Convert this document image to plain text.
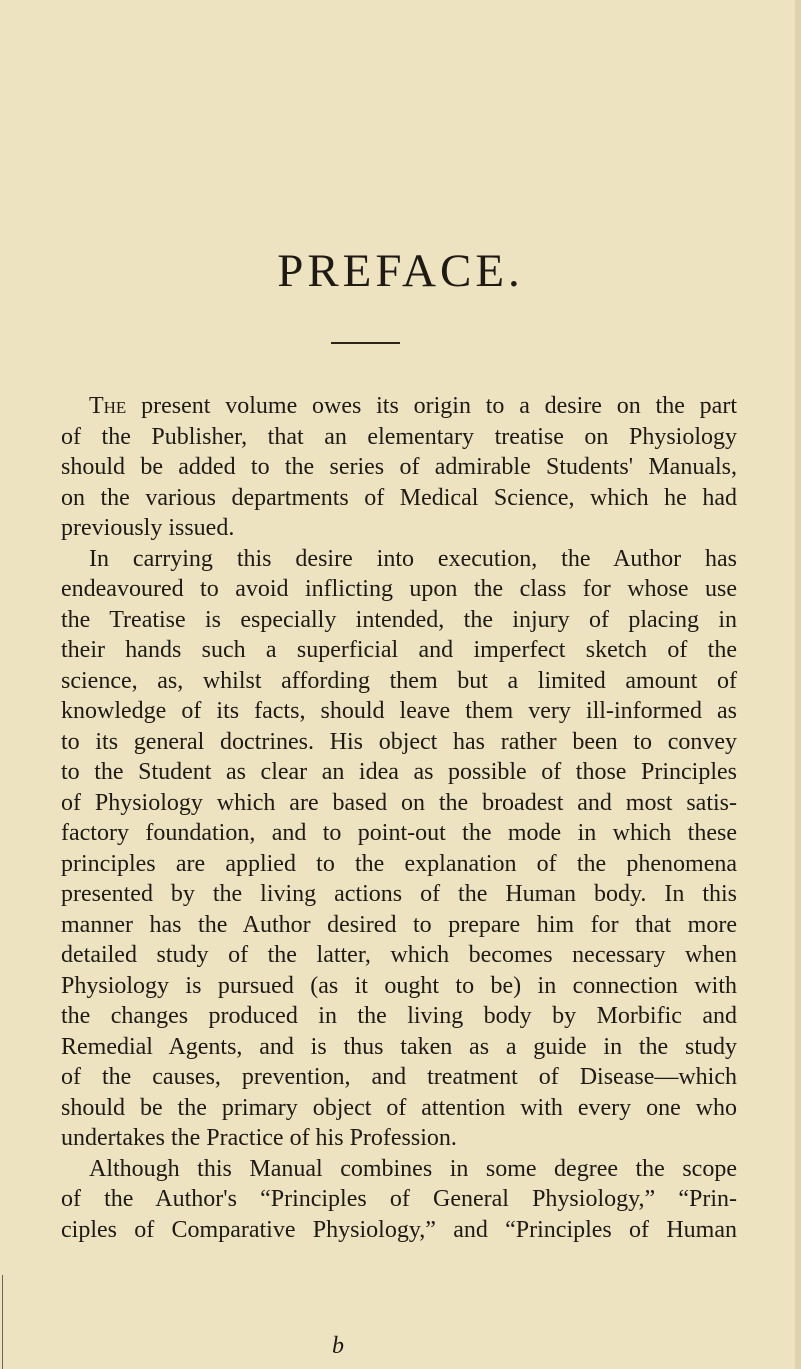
PREFACE.
The present volume owes its origin to a desire on the part
of the Publisher, that an elementary treatise on Physiology
should be added to the series of admirable Students' Manuals,
on the various departments of Medical Science, which he had
previously issued.
In carrying this desire into execution, the Author has
endeavoured to avoid inflicting upon the class for whose use
the Treatise is especially intended, the injury of placing in
their hands such a superficial and imperfect sketch of the
science, as, whilst affording them but a limited amount of
knowledge of its facts, should leave them very ill-informed as
to its general doctrines. His object has rather been to convey
to the Student as clear an idea as possible of those Principles
of Physiology which are based on the broadest and most satis-
factory foundation, and to point-out the mode in which these
principles are applied to the explanation of the phenomena
presented by the living actions of the Human body. In this
manner has the Author desired to prepare him for that more
detailed study of the latter, which becomes necessary when
Physiology is pursued (as it ought to be) in connection with
the changes produced in the living body by Morbific and
Remedial Agents, and is thus taken as a guide in the study
of the causes, prevention, and treatment of Disease—which
should be the primary object of attention with every one who
undertakes the Practice of his Profession.
Although this Manual combines in some degree the scope
of the Author's “Principles of General Physiology,” “Prin-
ciples of Comparative Physiology,” and “Principles of Human
b
